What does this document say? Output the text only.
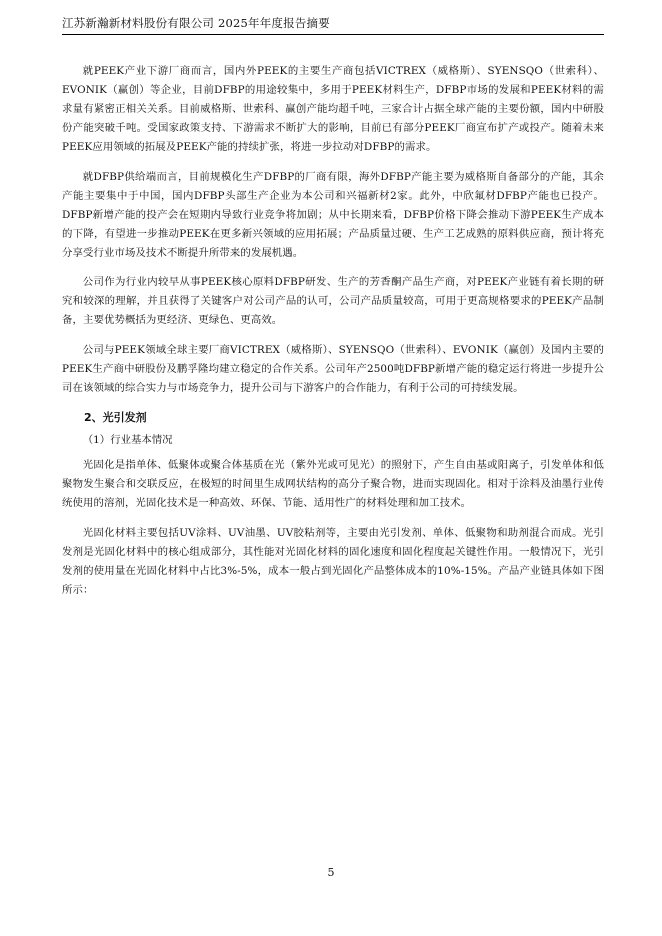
江苏新瀚新材料股份有限公司 2025年年度报告摘要

就PEEK产业下游厂商而言，国内外PEEK的主要生产商包括VICTREX（威格斯）、SYENSQO（世索科）、EVONIK（赢创）等企业，目前DFBP的用途较集中，多用于PEEK材料生产，DFBP市场的发展和PEEK材料的需求量有紧密正相关关系。目前威格斯、世索科、赢创产能均超千吨，三家合计占据全球产能的主要份额，国内中研股份产能突破千吨。受国家政策支持、下游需求不断扩大的影响，目前已有部分PEEK厂商宣布扩产或投产。随着未来PEEK应用领域的拓展及PEEK产能的持续扩张，将进一步拉动对DFBP的需求。

就DFBP供给端而言，目前规模化生产DFBP的厂商有限，海外DFBP产能主要为威格斯自备部分的产能，其余产能主要集中于中国，国内DFBP头部生产企业为本公司和兴福新材2家。此外，中欣氟材DFBP产能也已投产。DFBP新增产能的投产会在短期内导致行业竞争将加剧；从中长期来看，DFBP价格下降会推动下游PEEK生产成本的下降，有望进一步推动PEEK在更多新兴领域的应用拓展；产品质量过硬、生产工艺成熟的原料供应商，预计将充分享受行业市场及技术不断提升所带来的发展机遇。

公司作为行业内较早从事PEEK核心原料DFBP研发、生产的芳香酮产品生产商，对PEEK产业链有着长期的研究和较深的理解，并且获得了关键客户对公司产品的认可，公司产品质量较高，可用于更高规格要求的PEEK产品制备，主要优势概括为更经济、更绿色、更高效。

公司与PEEK领域全球主要厂商VICTREX（威格斯）、SYENSQO（世索科）、EVONIK（赢创）及国内主要的PEEK生产商中研股份及鹏孚隆均建立稳定的合作关系。公司年产2500吨DFBP新增产能的稳定运行将进一步提升公司在该领域的综合实力与市场竞争力，提升公司与下游客户的合作能力，有利于公司的可持续发展。

2、光引发剂
（1）行业基本情况

光固化是指单体、低聚体或聚合体基质在光（紫外光或可见光）的照射下，产生自由基或阳离子，引发单体和低聚物发生聚合和交联反应，在极短的时间里生成网状结构的高分子聚合物，进而实现固化。相对于涂料及油墨行业传统使用的溶剂，光固化技术是一种高效、环保、节能、适用性广的材料处理和加工技术。

光固化材料主要包括UV涂料、UV油墨、UV胶粘剂等，主要由光引发剂、单体、低聚物和助剂混合而成。光引发剂是光固化材料中的核心组成部分，其性能对光固化材料的固化速度和固化程度起关键性作用。一般情况下，光引发剂的使用量在光固化材料中占比3%-5%，成本一般占到光固化产品整体成本的10%-15%。产品产业链具体如下图所示：

5
